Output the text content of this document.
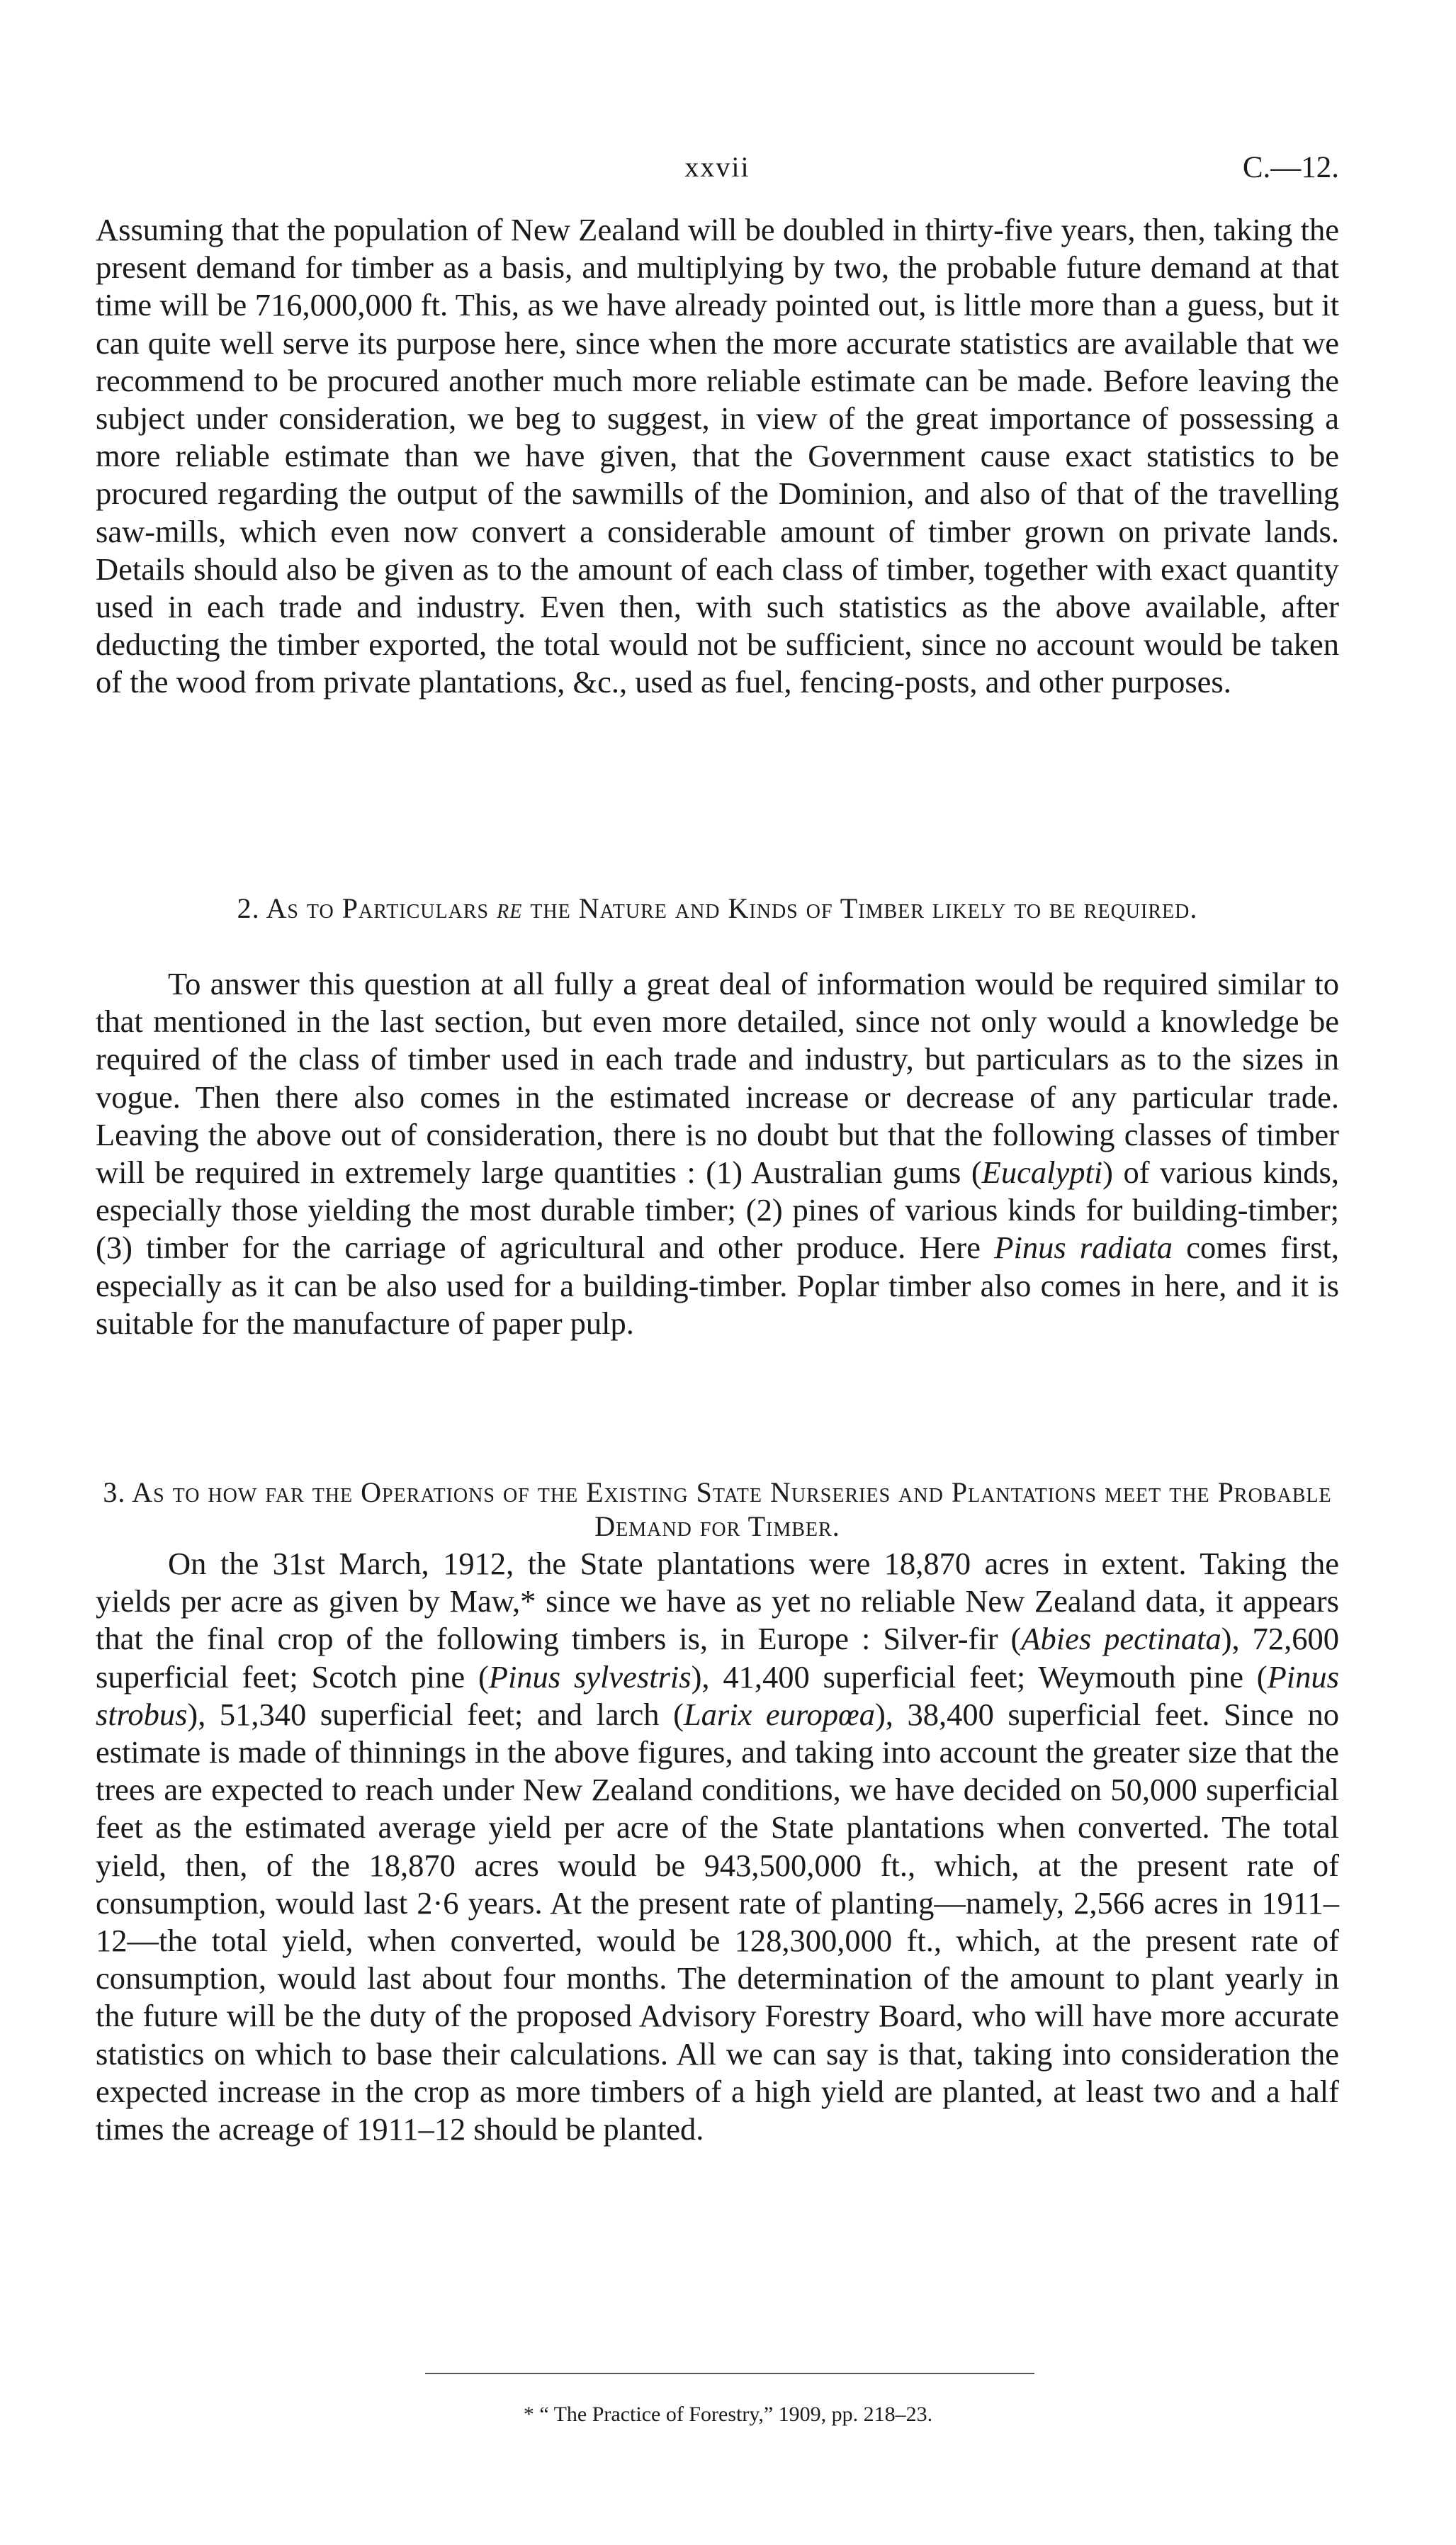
xxvii	C.—12.

Assuming that the population of New Zealand will be doubled in thirty-five years, then, taking the present demand for timber as a basis, and multiplying by two, the probable future demand at that time will be 716,000,000 ft. This, as we have already pointed out, is little more than a guess, but it can quite well serve its purpose here, since when the more accurate statistics are available that we recommend to be procured another much more reliable estimate can be made. Before leaving the subject under consideration, we beg to suggest, in view of the great importance of possessing a more reliable estimate than we have given, that the Government cause exact statistics to be procured regarding the output of the sawmills of the Dominion, and also of that of the travelling saw-mills, which even now convert a considerable amount of timber grown on private lands. Details should also be given as to the amount of each class of timber, together with exact quantity used in each trade and industry. Even then, with such statistics as the above available, after deducting the timber exported, the total would not be sufficient, since no account would be taken of the wood from private plantations, &c., used as fuel, fencing-posts, and other purposes.

2. As to Particulars re the Nature and Kinds of Timber likely to be required.

To answer this question at all fully a great deal of information would be required similar to that mentioned in the last section, but even more detailed, since not only would a knowledge be required of the class of timber used in each trade and industry, but particulars as to the sizes in vogue. Then there also comes in the estimated increase or decrease of any particular trade. Leaving the above out of consideration, there is no doubt but that the following classes of timber will be required in extremely large quantities : (1) Australian gums (Eucalypti) of various kinds, especially those yielding the most durable timber; (2) pines of various kinds for building-timber; (3) timber for the carriage of agricultural and other produce. Here Pinus radiata comes first, especially as it can be also used for a building-timber. Poplar timber also comes in here, and it is suitable for the manufacture of paper pulp.

3. As to how far the Operations of the Existing State Nurseries and Plantations meet the Probable Demand for Timber.

On the 31st March, 1912, the State plantations were 18,870 acres in extent. Taking the yields per acre as given by Maw,* since we have as yet no reliable New Zealand data, it appears that the final crop of the following timbers is, in Europe : Silver-fir (Abies pectinata), 72,600 superficial feet; Scotch pine (Pinus sylvestris), 41,400 superficial feet; Weymouth pine (Pinus strobus), 51,340 superficial feet; and larch (Larix europœa), 38,400 superficial feet. Since no estimate is made of thinnings in the above figures, and taking into account the greater size that the trees are expected to reach under New Zealand conditions, we have decided on 50,000 superficial feet as the estimated average yield per acre of the State plantations when converted. The total yield, then, of the 18,870 acres would be 943,500,000 ft., which, at the present rate of consumption, would last 2·6 years. At the present rate of planting—namely, 2,566 acres in 1911–12—the total yield, when converted, would be 128,300,000 ft., which, at the present rate of consumption, would last about four months. The determination of the amount to plant yearly in the future will be the duty of the proposed Advisory Forestry Board, who will have more accurate statistics on which to base their calculations. All we can say is that, taking into consideration the expected increase in the crop as more timbers of a high yield are planted, at least two and a half times the acreage of 1911–12 should be planted.

* “ The Practice of Forestry,” 1909, pp. 218–23.
